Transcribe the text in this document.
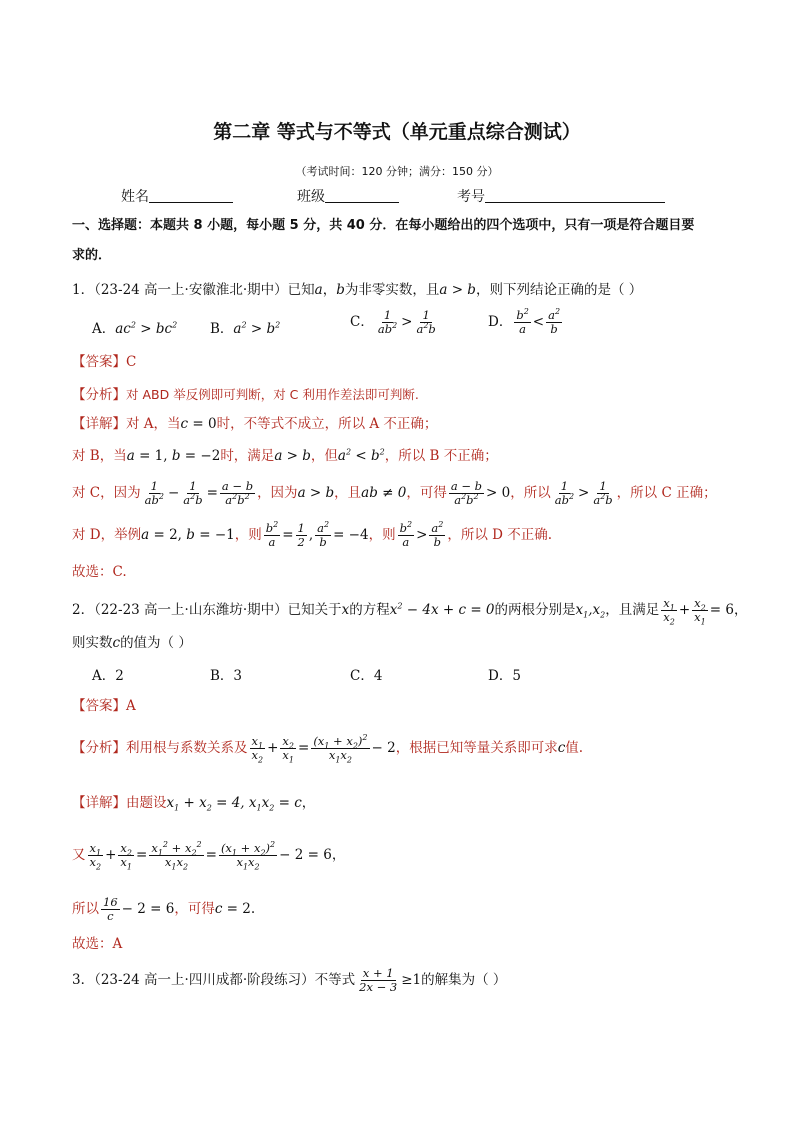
第二章 等式与不等式（单元重点综合测试）
（考试时间：120 分钟；满分：150 分）
姓名	班级	考号
一、选择题：本题共 8 小题，每小题 5 分，共 40 分．在每小题给出的四个选项中，只有一项是符合题目要
求的．
1．（23-24 高一上·安徽淮北·期中）已知a，b为非零实数，且a > b，则下列结论正确的是（ ）
A．$ac^2 > bc^2$ B．$a^2 > b^2$	C． $\frac{1}{ab^2} > \frac{1}{a^2b}$	D． $\frac{b^2}{a} < \frac{a^2}{b}$
【答案】C
【分析】对 ABD 举反例即可判断，对 C 利用作差法即可判断.
【详解】对 A，当c = 0时，不等式不成立，所以 A 不正确；
对 B，当a = 1, b = −2时，满足a > b，但$a^2 < b^2$，所以 B 不正确；
对 C，因为 $\frac{1}{ab^2} - \frac{1}{a^2b} = \frac{a - b}{a^2b^2}$ ，因为a > b，且ab ≠ 0，可得 $\frac{a - b}{a^2b^2} > 0$，所以 $\frac{1}{ab^2} > \frac{1}{a^2b}$ ，所以 C 正确；
对 D，举例a = 2, b = −1，则 $\frac{b^2}{a} = \frac{1}{2}$ , $\frac{a^2}{b} = -4$，则 $\frac{b^2}{a} > \frac{a^2}{b}$ ，所以 D 不正确.
故选：C.
2．（22-23 高一上·山东潍坊·期中）已知关于x的方程$x^2 - 4x + c = 0$的两根分别是$x_1,x_2$，且满足 $\frac{x_1}{x_2} + \frac{x_2}{x_1} = 6$，
则实数c的值为（ ）
A．2	B．3	C．4	D．5
【答案】A
【分析】利用根与系数关系及 $\frac{x_1}{x_2} + \frac{x_2}{x_1} = \frac{(x_1 + x_2)^2}{x_1x_2} - 2$，根据已知等量关系即可求c值.
【详解】由题设$x_1 + x_2 = 4$, $x_1x_2 = c$，
又 $\frac{x_1}{x_2} + \frac{x_2}{x_1} = \frac{x_1^2 + x_2^2}{x_1x_2} = \frac{(x_1 + x_2)^2}{x_1x_2} - 2 = 6$，
所以 $\frac{16}{c} - 2 = 6$，可得c = 2.
故选：A
3．（23-24 高一上·四川成都·阶段练习）不等式 $\frac{x + 1}{2x - 3} \ge 1$的解集为（ ）
